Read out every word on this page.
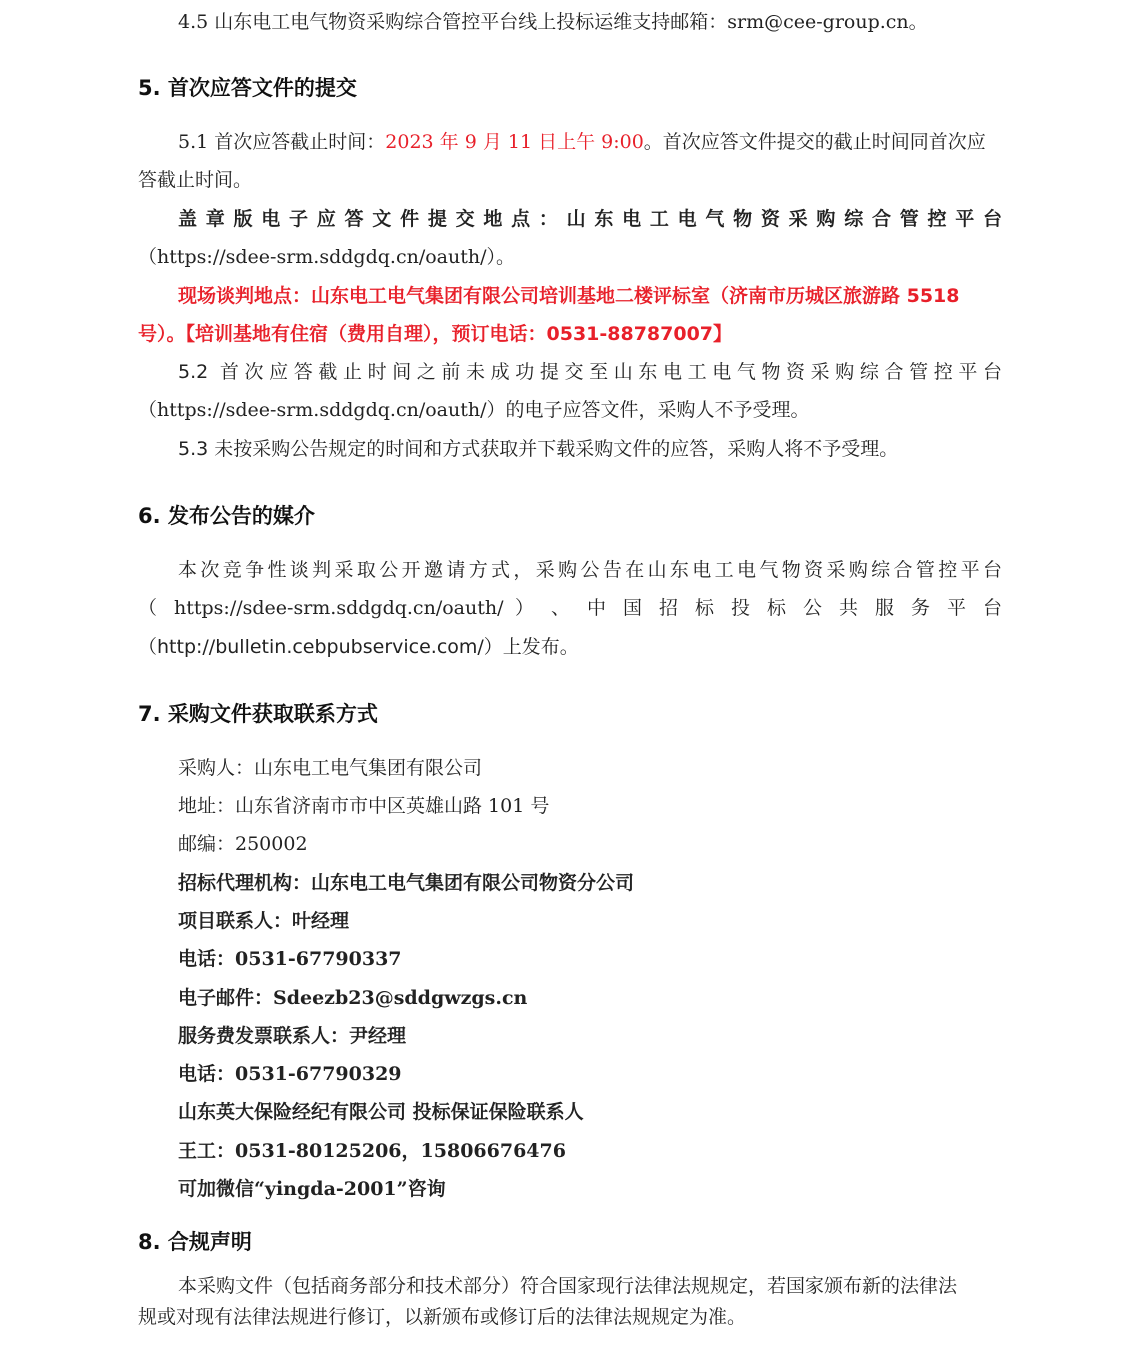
4.5 山东电工电气物资采购综合管控平台线上投标运维支持邮箱：srm@cee-group.cn。
5. 首次应答文件的提交
5.1 首次应答截止时间：2023 年 9 月 11 日上午 9:00。首次应答文件提交的截止时间同首次应
答截止时间。
盖章版电子应答文件提交地点：山东电工电气物资采购综合管控平台
（https://sdee-srm.sddgdq.cn/oauth/）。
现场谈判地点：山东电工电气集团有限公司培训基地二楼评标室（济南市历城区旅游路 5518
号）。【培训基地有住宿（费用自理），预订电话：0531-88787007】
5.2 首次应答截止时间之前未成功提交至山东电工电气物资采购综合管控平台
（https://sdee-srm.sddgdq.cn/oauth/）的电子应答文件，采购人不予受理。
5.3 未按采购公告规定的时间和方式获取并下载采购文件的应答，采购人将不予受理。
6. 发布公告的媒介
本次竞争性谈判采取公开邀请方式，采购公告在山东电工电气物资采购综合管控平台
（ https://sdee-srm.sddgdq.cn/oauth/ ） 、 中 国 招 标 投 标 公 共 服 务 平 台
（http://bulletin.cebpubservice.com/）上发布。
7. 采购文件获取联系方式
采购人：山东电工电气集团有限公司
地址：山东省济南市市中区英雄山路 101 号
邮编：250002
招标代理机构：山东电工电气集团有限公司物资分公司
项目联系人：叶经理
电话：0531-67790337
电子邮件：Sdeezb23@sddgwzgs.cn
服务费发票联系人：尹经理
电话：0531-67790329
山东英大保险经纪有限公司 投标保证保险联系人
王工：0531-80125206，15806676476
可加微信“yingda-2001”咨询
8. 合规声明
本采购文件（包括商务部分和技术部分）符合国家现行法律法规规定，若国家颁布新的法律法
规或对现有法律法规进行修订，以新颁布或修订后的法律法规规定为准。
